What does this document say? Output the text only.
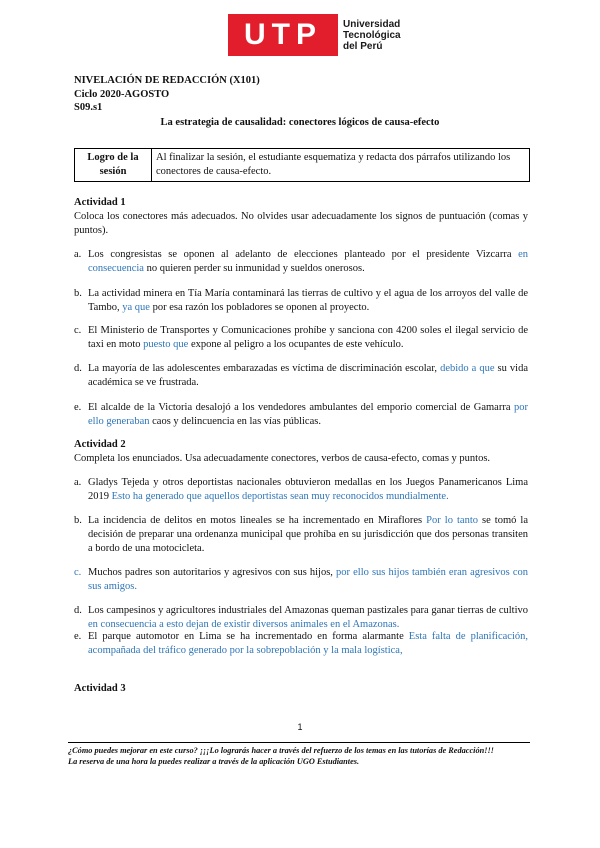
UTP Universidad
Tecnológica
del Perú
NIVELACIÓN DE REDACCIÓN (X101)
Ciclo 2020-AGOSTO
S09.s1
La estrategia de causalidad: conectores lógicos de causa-efecto
Logro de la sesión	Al finalizar la sesión, el estudiante esquematiza y redacta dos párrafos utilizando los conectores de causa-efecto.
Actividad 1
Coloca los conectores más adecuados. No olvides usar adecuadamente los signos de puntuación (comas y puntos).
a. Los congresistas se oponen al adelanto de elecciones planteado por el presidente Vizcarra en consecuencia no quieren perder su inmunidad y sueldos onerosos.
b. La actividad minera en Tía María contaminará las tierras de cultivo y el agua de los arroyos del valle de Tambo, ya que por esa razón los pobladores se oponen al proyecto.
c. El Ministerio de Transportes y Comunicaciones prohíbe y sanciona con 4200 soles el ilegal servicio de taxi en moto puesto que expone al peligro a los ocupantes de este vehículo.
d. La mayoría de las adolescentes embarazadas es víctima de discriminación escolar, debido a que su vida académica se ve frustrada.
e. El alcalde de la Victoria desalojó a los vendedores ambulantes del emporio comercial de Gamarra por ello generaban caos y delincuencia en las vías públicas.
Actividad 2
Completa los enunciados. Usa adecuadamente conectores, verbos de causa-efecto, comas y puntos.
a. Gladys Tejeda y otros deportistas nacionales obtuvieron medallas en los Juegos Panamericanos Lima 2019 Esto ha generado que aquellos deportistas sean muy reconocidos mundialmente.
b. La incidencia de delitos en motos lineales se ha incrementado en Miraflores Por lo tanto se tomó la decisión de preparar una ordenanza municipal que prohíba en su jurisdicción que dos personas transiten a bordo de una motocicleta.
c. Muchos padres son autoritarios y agresivos con sus hijos, por ello sus hijos también eran agresivos con sus amigos.
d. Los campesinos y agricultores industriales del Amazonas queman pastizales para ganar tierras de cultivo en consecuencia a esto dejan de existir diversos animales en el Amazonas.
e. El parque automotor en Lima se ha incrementado en forma alarmante Esta falta de planificación, acompañada del tráfico generado por la sobrepoblación y la mala logística,
Actividad 3
1
¿Cómo puedes mejorar en este curso? ¡¡¡Lo lograrás hacer a través del refuerzo de los temas en las tutorías de Redacción!!!
La reserva de una hora la puedes realizar a través de la aplicación UGO Estudiantes.
